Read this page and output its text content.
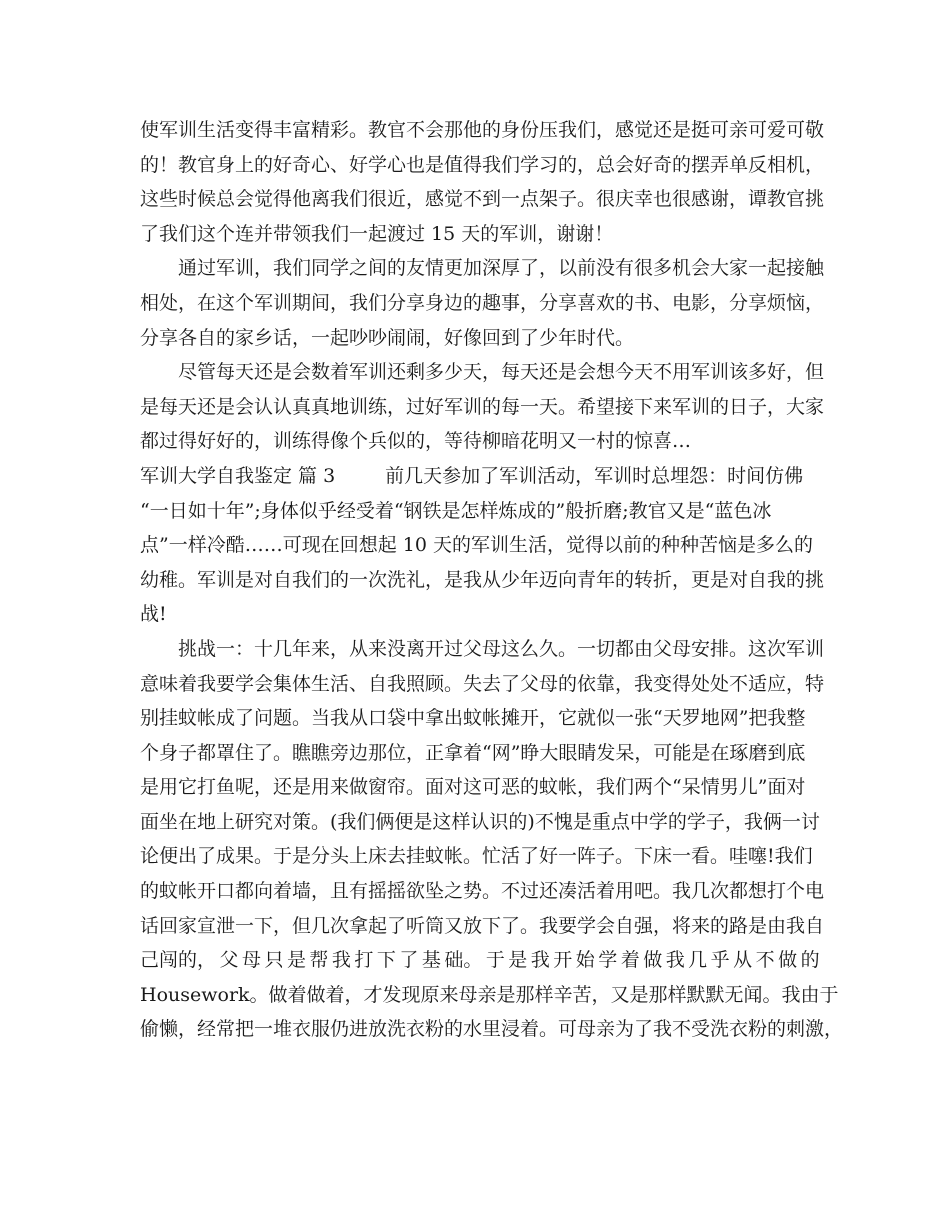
使军训生活变得丰富精彩。教官不会那他的身份压我们，感觉还是挺可亲可爱可敬
的！教官身上的好奇心、好学心也是值得我们学习的，总会好奇的摆弄单反相机，
这些时候总会觉得他离我们很近，感觉不到一点架子。很庆幸也很感谢，谭教官挑
了我们这个连并带领我们一起渡过 15 天的军训，谢谢！
通过军训，我们同学之间的友情更加深厚了，以前没有很多机会大家一起接触
相处，在这个军训期间，我们分享身边的趣事，分享喜欢的书、电影，分享烦恼，
分享各自的家乡话，一起吵吵闹闹，好像回到了少年时代。
尽管每天还是会数着军训还剩多少天，每天还是会想今天不用军训该多好，但
是每天还是会认认真真地训练，过好军训的每一天。希望接下来军训的日子，大家
都过得好好的，训练得像个兵似的，等待柳暗花明又一村的惊喜…
军训大学自我鉴定 篇 3	前几天参加了军训活动，军训时总埋怨：时间仿佛
“一日如十年”;身体似乎经受着“钢铁是怎样炼成的”般折磨;教官又是“蓝色冰
点”一样冷酷……可现在回想起 10 天的军训生活，觉得以前的种种苦恼是多么的
幼稚。军训是对自我们的一次洗礼，是我从少年迈向青年的转折，更是对自我的挑
战!
挑战一：十几年来，从来没离开过父母这么久。一切都由父母安排。这次军训
意味着我要学会集体生活、自我照顾。失去了父母的依靠，我变得处处不适应，特
别挂蚊帐成了问题。当我从口袋中拿出蚊帐摊开，它就似一张“天罗地网”把我整
个身子都罩住了。瞧瞧旁边那位，正拿着“网”睁大眼睛发呆，可能是在琢磨到底
是用它打鱼呢，还是用来做窗帘。面对这可恶的蚊帐，我们两个“呆情男儿”面对
面坐在地上研究对策。(我们俩便是这样认识的)不愧是重点中学的学子，我俩一讨
论便出了成果。于是分头上床去挂蚊帐。忙活了好一阵子。下床一看。哇噻!我们
的蚊帐开口都向着墙，且有摇摇欲坠之势。不过还凑活着用吧。我几次都想打个电
话回家宣泄一下，但几次拿起了听筒又放下了。我要学会自强，将来的路是由我自
己闯的， 父 母 只 是 帮 我 打 下 了 基 础。 于 是 我 开 始 学 着 做 我 几 乎 从 不 做 的
Housework。做着做着，才发现原来母亲是那样辛苦，又是那样默默无闻。我由于
偷懒，经常把一堆衣服仍进放洗衣粉的水里浸着。可母亲为了我不受洗衣粉的刺激，
